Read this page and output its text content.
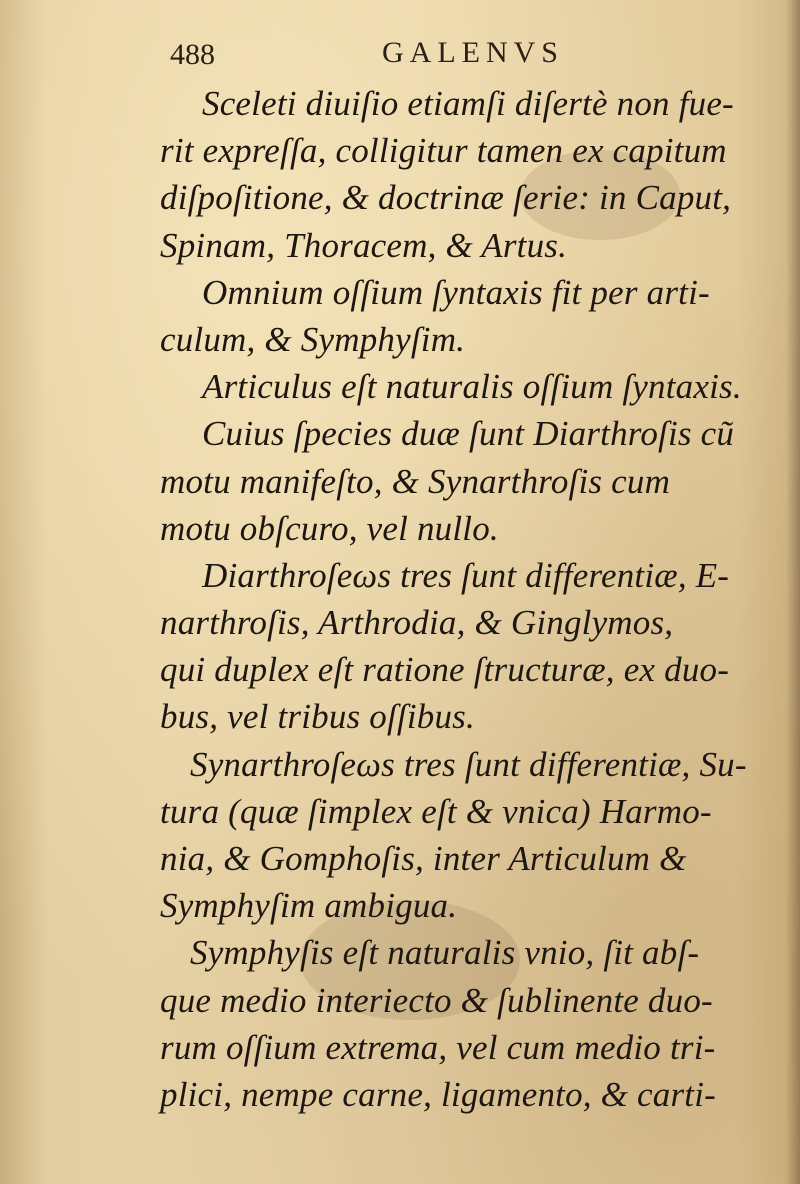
488	GALENVS
Sceleti diuiſio etiamſi diſertè non fue-
rit expreſſa, colligitur tamen ex capitum
diſpoſitione, & doctrinæ ſerie: in Caput,
Spinam, Thoracem, & Artus.
Omnium oſſium ſyntaxis fit per arti-
culum, & Symphyſim.
Articulus eſt naturalis oſſium ſyntaxis.
Cuius ſpecies duæ ſunt Diarthroſis cũ
motu manifeſto, & Synarthroſis cum
motu obſcuro, vel nullo.
Diarthroſeωs tres ſunt differentiæ, E-
narthroſis, Arthrodia, & Ginglymos,
qui duplex eſt ratione ſtructuræ, ex duo-
bus, vel tribus oſſibus.
Synarthroſeωs tres ſunt differentiæ, Su-
tura (quæ ſimplex eſt & vnica) Harmo-
nia, & Gomphoſis, inter Articulum &
Symphyſim ambigua.
Symphyſis eſt naturalis vnio, ſit abſ-
que medio interiecto & ſublinente duo-
rum oſſium extrema, vel cum medio tri-
plici, nempe carne, ligamento, & carti-
